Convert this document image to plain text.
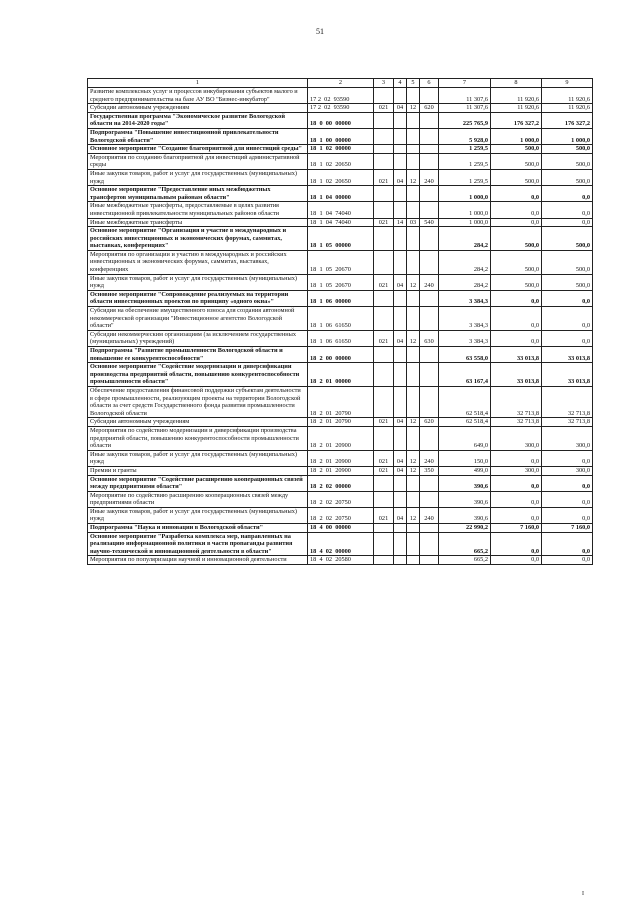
51
1	2	3	4	5	6	7	8	9
Развитие комплексных услуг и процессов инкубирования субъектов малого и среднего предпринимательства на базе АУ ВО "Бизнес-инкубатор"	17 2  02  93590					11 307,6	11 920,6	11 920,6
Субсидии автономным учреждениям	17 2  02  93590	021	04	12	620	11 307,6	11 920,6	11 920,6
Государственная программа "Экономическое развитие Вологодской области на 2014-2020 годы"	18  0  00  00000					225 765,9	176 327,2	176 327,2
Подпрограмма "Повышение инвестиционной привлекательности Вологодской области"	18  1  00  00000					5 928,0	1 000,0	1 000,0
Основное мероприятие "Создание благоприятной для инвестиций среды"	18  1  02  00000					1 259,5	500,0	500,0
Мероприятия по созданию благоприятной для инвестиций административной среды	18  1  02  20650					1 259,5	500,0	500,0
Иные закупки товаров, работ и услуг для государственных (муниципальных) нужд	18  1  02  20650	021	04	12	240	1 259,5	500,0	500,0
Основное мероприятие "Предоставление иных межбюджетных трансфертов муниципальным районам области"	18  1  04  00000					1 000,0	0,0	0,0
Иные межбюджетные трансферты, предоставляемые в целях развития инвестиционной привлекательности муниципальных районов области	18  1  04  74040					1 000,0	0,0	0,0
Иные межбюджетные трансферты	18  1  04  74040	021	14	03	540	1 000,0	0,0	0,0
Основное мероприятие "Организация и участие в международных и российских инвестиционных и экономических форумах, саммитах, выставках, конференциях"	18  1  05  00000					284,2	500,0	500,0
Мероприятия по организации и участию в международных и российских инвестиционных и экономических форумах, саммитах, выставках, конференциях	18  1  05  20670					284,2	500,0	500,0
Иные закупки товаров, работ и услуг для государственных (муниципальных) нужд	18  1  05  20670	021	04	12	240	284,2	500,0	500,0
Основное мероприятие "Сопровождение реализуемых на территории области инвестиционных проектов по принципу «одного окна»"	18  1  06  00000					3 384,3	0,0	0,0
Субсидия на обеспечение имущественного взноса для создания автономной некоммерческой организации "Инвестиционное агентство Вологодской области"	18  1  06  61650					3 384,3	0,0	0,0
Субсидии некоммерческим организациям (за исключением государственных (муниципальных) учреждений)	18  1  06  61650	021	04	12	630	3 384,3	0,0	0,0
Подпрограмма "Развитие промышленности Вологодской области и повышение ее конкурентоспособности"	18  2  00  00000					63 558,0	33 013,8	33 013,8
Основное мероприятие "Содействие модернизации и диверсификации производства предприятий области, повышению конкурентоспособности промышленности области"	18  2  01  00000					63 167,4	33 013,8	33 013,8
Обеспечение предоставления финансовой поддержки субъектам деятельности в сфере промышленности, реализующим проекты на территории Вологодской области за счет средств Государственного фонда развития промышленности Вологодской области	18  2  01  20790					62 518,4	32 713,8	32 713,8
Субсидии автономным учреждениям	18  2  01  20790	021	04	12	620	62 518,4	32 713,8	32 713,8
Мероприятия по содействию модернизации и диверсификации производства предприятий области, повышению конкурентоспособности промышленности области	18  2  01  20900					649,0	300,0	300,0
Иные закупки товаров, работ и услуг для государственных (муниципальных) нужд	18  2  01  20900	021	04	12	240	150,0	0,0	0,0
Премии и гранты	18  2  01  20900	021	04	12	350	499,0	300,0	300,0
Основное мероприятие "Содействие расширению кооперационных связей между предприятиями области"	18  2  02  00000					390,6	0,0	0,0
Мероприятие по содействию расширению кооперационных связей между предприятиями области	18  2  02  20750					390,6	0,0	0,0
Иные закупки товаров, работ и услуг для государственных (муниципальных) нужд	18  2  02  20750	021	04	12	240	390,6	0,0	0,0
Подпрограмма "Наука и инновации в Вологодской области"	18  4  00  00000					22 990,2	7 160,0	7 160,0
Основное мероприятие "Разработка комплекса мер, направленных на реализацию информационной политики в части пропаганды развития научно-технической и инновационной деятельности в области"	18  4  02  00000					665,2	0,0	0,0
Мероприятия по популяризации научной и инновационной деятельности	18  4  02  20580					665,2	0,0	0,0
I
